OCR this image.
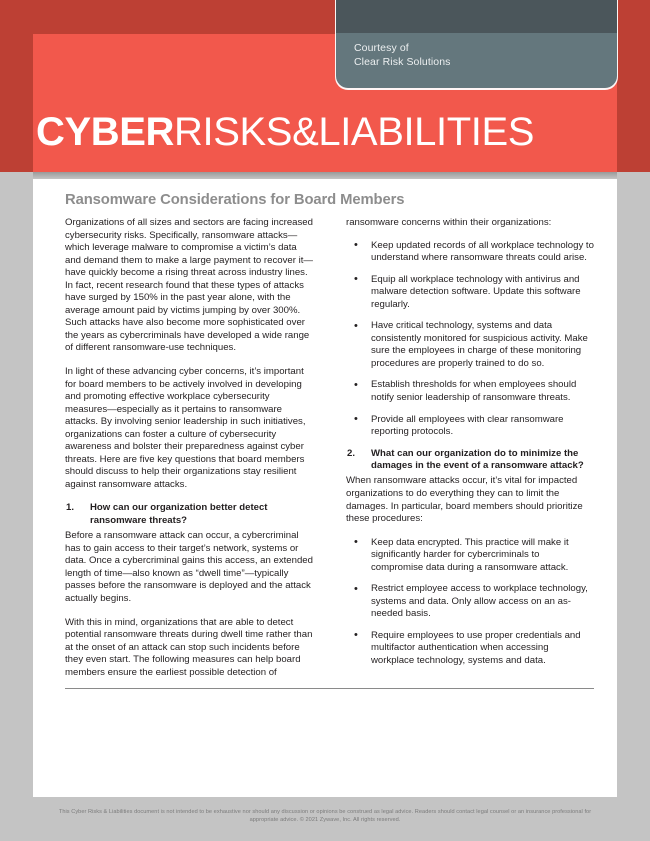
CYBERRISKS&LIABILITIES
Courtesy of
Clear Risk Solutions
Ransomware Considerations for Board Members

Organizations of all sizes and sectors are facing increased cybersecurity risks. Specifically, ransomware attacks—which leverage malware to compromise a victim’s data and demand them to make a large payment to recover it—have quickly become a rising threat across industry lines. In fact, recent research found that these types of attacks have surged by 150% in the past year alone, with the average amount paid by victims jumping by over 300%. Such attacks have also become more sophisticated over the years as cybercriminals have developed a wide range of different ransomware-use techniques.

In light of these advancing cyber concerns, it’s important for board members to be actively involved in developing and promoting effective workplace cybersecurity measures—especially as it pertains to ransomware attacks. By involving senior leadership in such initiatives, organizations can foster a culture of cybersecurity awareness and bolster their preparedness against cyber threats. Here are five key questions that board members should discuss to help their organizations stay resilient against ransomware attacks.

1. How can our organization better detect ransomware threats?

Before a ransomware attack can occur, a cybercriminal has to gain access to their target’s network, systems or data. Once a cybercriminal gains this access, an extended length of time—also known as “dwell time”—typically passes before the ransomware is deployed and the attack actually begins.

With this in mind, organizations that are able to detect potential ransomware threats during dwell time rather than at the onset of an attack can stop such incidents before they even start. The following measures can help board members ensure the earliest possible detection of

ransomware concerns within their organizations:

• Keep updated records of all workplace technology to understand where ransomware threats could arise.
• Equip all workplace technology with antivirus and malware detection software. Update this software regularly.
• Have critical technology, systems and data consistently monitored for suspicious activity. Make sure the employees in charge of these monitoring procedures are properly trained to do so.
• Establish thresholds for when employees should notify senior leadership of ransomware threats.
• Provide all employees with clear ransomware reporting protocols.
2. What can our organization do to minimize the damages in the event of a ransomware attack?

When ransomware attacks occur, it’s vital for impacted organizations to do everything they can to limit the damages. In particular, board members should prioritize these procedures:

• Keep data encrypted. This practice will make it significantly harder for cybercriminals to compromise data during a ransomware attack.
• Restrict employee access to workplace technology, systems and data. Only allow access on an as-needed basis.
• Require employees to use proper credentials and multifactor authentication when accessing workplace technology, systems and data.
This Cyber Risks & Liabilities document is not intended to be exhaustive nor should any discussion or opinions be construed as legal advice. Readers should contact legal counsel or an insurance professional for
appropriate advice. © 2021 Zywave, Inc. All rights reserved.
